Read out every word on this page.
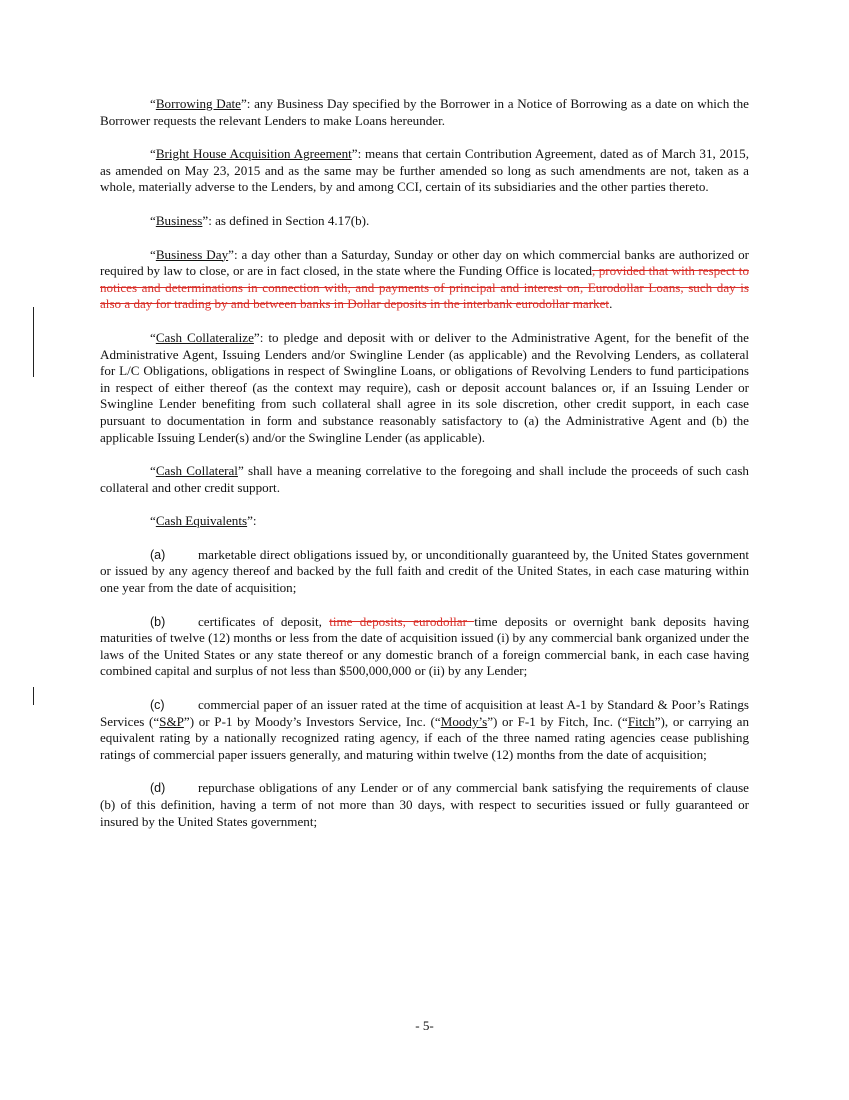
“Borrowing Date”: any Business Day specified by the Borrower in a Notice of Borrowing as a date on which the Borrower requests the relevant Lenders to make Loans hereunder.

“Bright House Acquisition Agreement”: means that certain Contribution Agreement, dated as of March 31, 2015, as amended on May 23, 2015 and as the same may be further amended so long as such amendments are not, taken as a whole, materially adverse to the Lenders, by and among CCI, certain of its subsidiaries and the other parties thereto.

“Business”: as defined in Section 4.17(b).

“Business Day”: a day other than a Saturday, Sunday or other day on which commercial banks are authorized or required by law to close, or are in fact closed, in the state where the Funding Office is located, provided that with respect to notices and determinations in connection with, and payments of principal and interest on, Eurodollar Loans, such day is also a day for trading by and between banks in Dollar deposits in the interbank eurodollar market.

“Cash Collateralize”: to pledge and deposit with or deliver to the Administrative Agent, for the benefit of the Administrative Agent, Issuing Lenders and/or Swingline Lender (as applicable) and the Revolving Lenders, as collateral for L/C Obligations, obligations in respect of Swingline Loans, or obligations of Revolving Lenders to fund participations in respect of either thereof (as the context may require), cash or deposit account balances or, if an Issuing Lender or Swingline Lender benefiting from such collateral shall agree in its sole discretion, other credit support, in each case pursuant to documentation in form and substance reasonably satisfactory to (a) the Administrative Agent and (b) the applicable Issuing Lender(s) and/or the Swingline Lender (as applicable).

“Cash Collateral” shall have a meaning correlative to the foregoing and shall include the proceeds of such cash collateral and other credit support.

“Cash Equivalents”:

(a) marketable direct obligations issued by, or unconditionally guaranteed by, the United States government or issued by any agency thereof and backed by the full faith and credit of the United States, in each case maturing within one year from the date of acquisition;

(b) certificates of deposit, time deposits, eurodollar time deposits or overnight bank deposits having maturities of twelve (12) months or less from the date of acquisition issued (i) by any commercial bank organized under the laws of the United States or any state thereof or any domestic branch of a foreign commercial bank, in each case having combined capital and surplus of not less than $500,000,000 or (ii) by any Lender;

(c)	commercial paper of an issuer rated at the time of acquisition at least A-1 by Standard & Poor’s Ratings Services (“S&P”) or P-1 by Moody’s Investors Service, Inc. (“Moody’s”) or F-1 by Fitch, Inc. (“Fitch”), or carrying an equivalent rating by a nationally recognized rating agency, if each of the three named rating agencies cease publishing ratings of commercial paper issuers generally, and maturing within twelve (12) months from the date of acquisition;

(d) repurchase obligations of any Lender or of any commercial bank satisfying the requirements of clause (b) of this definition, having a term of not more than 30 days, with respect to securities issued or fully guaranteed or insured by the United States government;

- 5-
